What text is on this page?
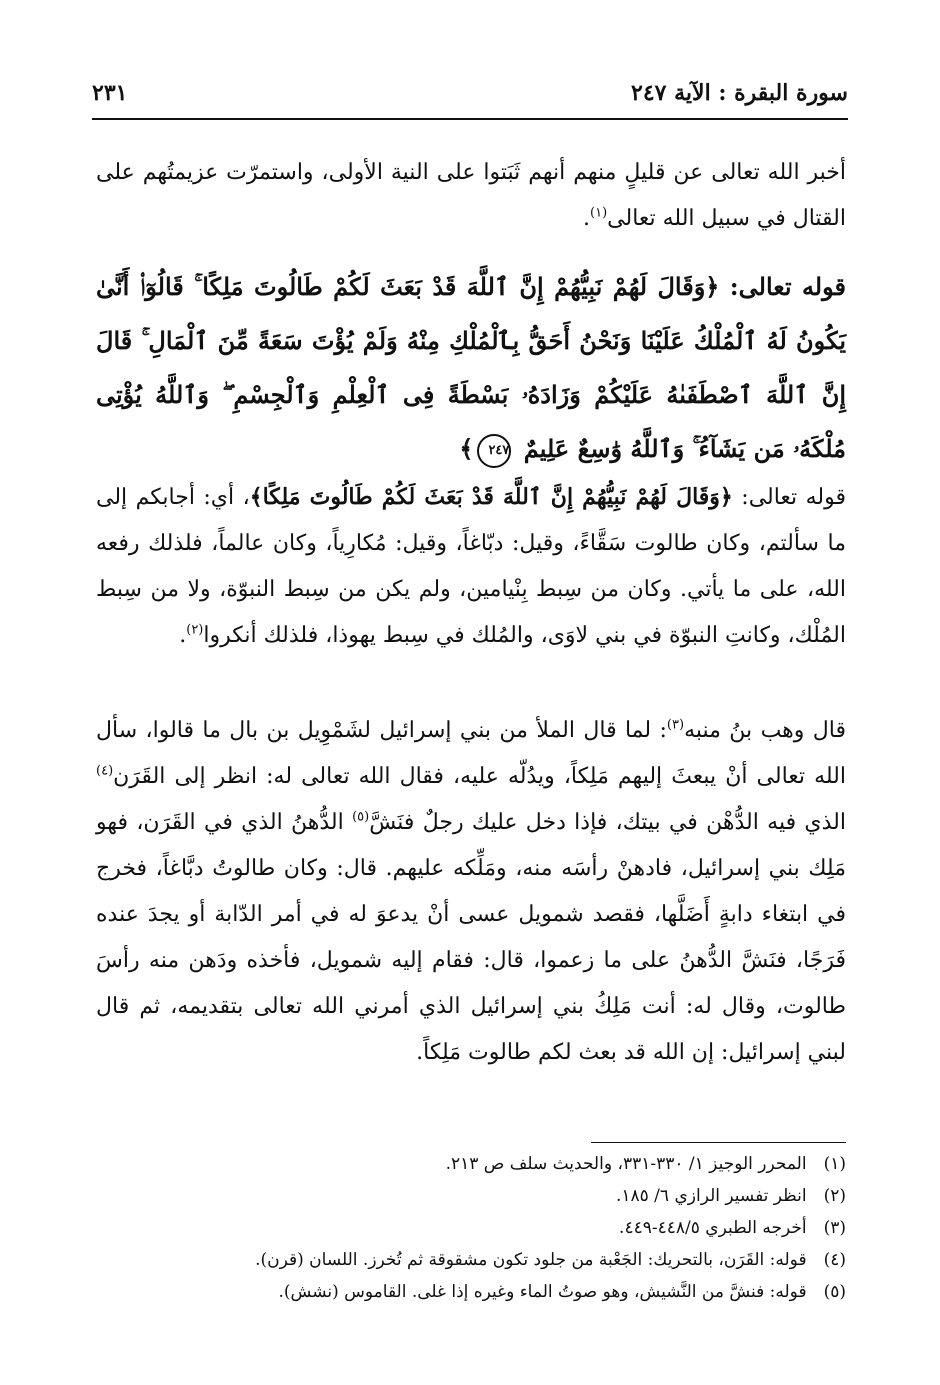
سورة البقرة : الآية ٢٤٧
٢٣١

أخبر الله تعالى عن قليلٍ منهم أنهم ثَبَتوا على النية الأولى، واستمرّت عزيمتُهم على القتال في سبيل الله تعالى$^{(١)}$.

قوله تعالى: ﴿وَقَالَ لَهُمْ نَبِيُّهُمْ إِنَّ ٱللَّهَ قَدْ بَعَثَ لَكُمْ طَالُوتَ مَلِكًا ۚ قَالُوٓا۟ أَنَّىٰ يَكُونُ لَهُ ٱلْمُلْكُ عَلَيْنَا وَنَحْنُ أَحَقُّ بِٱلْمُلْكِ مِنْهُ وَلَمْ يُؤْتَ سَعَةً مِّنَ ٱلْمَالِ ۚ قَالَ إِنَّ ٱللَّهَ ٱصْطَفَىٰهُ عَلَيْكُمْ وَزَادَهُۥ بَسْطَةً فِى ٱلْعِلْمِ وَٱلْجِسْمِ ۖ وَٱللَّهُ يُؤْتِى مُلْكَهُۥ مَن يَشَآءُ ۚ وَٱللَّهُ وَٰسِعٌ عَلِيمٌ ٢٤٧﴾

قوله تعالى: ﴿وَقَالَ لَهُمْ نَبِيُّهُمْ إِنَّ ٱللَّهَ قَدْ بَعَثَ لَكُمْ طَالُوتَ مَلِكًا﴾، أي: أجابكم إلى ما سألتم، وكان طالوت سَقَّاءً، وقيل: دبّاغاً، وقيل: مُكارِياً، وكان عالماً، فلذلك رفعه الله، على ما يأتي. وكان من سِبط بِنْيامين، ولم يكن من سِبط النبوّة، ولا من سِبط المُلْك، وكانتِ النبوّة في بني لاوَى، والمُلك في سِبط يهوذا، فلذلك أنكروا$^{(٢)}$.

قال وهب بنُ منبه$^{(٣)}$: لما قال الملأ من بني إسرائيل لشَمْوِيل بن بال ما قالوا، سأل الله تعالى أنْ يبعثَ إليهم مَلِكاً، ويدُلّه عليه، فقال الله تعالى له: انظر إلى القَرَن$^{(٤)}$ الذي فيه الدُّهْن في بيتك، فإذا دخل عليك رجلٌ فنَشَّ$^{(٥)}$ الدُّهنُ الذي في القَرَن، فهو مَلِك بني إسرائيل، فادهنْ رأسَه منه، ومَلِّكه عليهم. قال: وكان طالوتُ دبَّاغاً، فخرج في ابتغاء دابةٍ أَضَلَّها، فقصد شمويل عسى أنْ يدعوَ له في أمر الدّابة أو يجدَ عنده فَرَجًا، فنَشَّ الدُّهنُ على ما زعموا، قال: فقام إليه شمويل، فأخذه ودَهن منه رأسَ طالوت، وقال له: أنت مَلِكُ بني إسرائيل الذي أمرني الله تعالى بتقديمه، ثم قال لبني إسرائيل: إن الله قد بعث لكم طالوت مَلِكاً.

(١) المحرر الوجيز ١/ ٣٣٠-٣٣١، والحديث سلف ص ٢١٣.
(٢) انظر تفسير الرازي ٦/ ١٨٥.
(٣) أخرجه الطبري ٤٤٨/٥-٤٤٩.
(٤) قوله: القَرَن، بالتحريك: الجَعْبة من جلود تكون مشقوقة ثم تُخرز. اللسان (قرن).
(٥) قوله: فنشَّ من النَّشيش، وهو صوتُ الماء وغيره إذا غلى. القاموس (نشش).
